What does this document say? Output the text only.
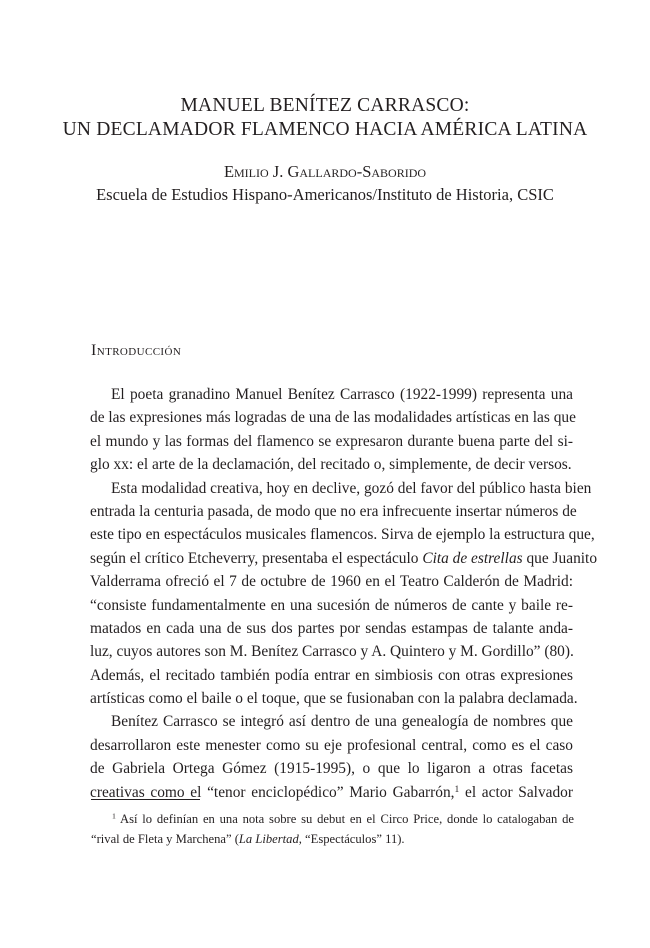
MANUEL BENÍTEZ CARRASCO:
UN DECLAMADOR FLAMENCO HACIA AMÉRICA LATINA
Emilio J. Gallardo-Saborido
Escuela de Estudios Hispano-Americanos/Instituto de Historia, CSIC
Introducción
El poeta granadino Manuel Benítez Carrasco (1922-1999) representa una
de las expresiones más logradas de una de las modalidades artísticas en las que
el mundo y las formas del flamenco se expresaron durante buena parte del si-
glo xx: el arte de la declamación, del recitado o, simplemente, de decir versos.
Esta modalidad creativa, hoy en declive, gozó del favor del público hasta bien
entrada la centuria pasada, de modo que no era infrecuente insertar números de
este tipo en espectáculos musicales flamencos. Sirva de ejemplo la estructura que,
según el crítico Etcheverry, presentaba el espectáculo Cita de estrellas que Juanito
Valderrama ofreció el 7 de octubre de 1960 en el Teatro Calderón de Madrid:
“consiste fundamentalmente en una sucesión de números de cante y baile re-
matados en cada una de sus dos partes por sendas estampas de talante anda-
luz, cuyos autores son M. Benítez Carrasco y A. Quintero y M. Gordillo” (80).
Además, el recitado también podía entrar en simbiosis con otras expresiones
artísticas como el baile o el toque, que se fusionaban con la palabra declamada.
Benítez Carrasco se integró así dentro de una genealogía de nombres que
desarrollaron este menester como su eje profesional central, como es el caso
de Gabriela Ortega Gómez (1915-1995), o que lo ligaron a otras facetas
creativas como el “tenor enciclopédico” Mario Gabarrón,$^1$ el actor Salvador
$^1$ Así lo definían en una nota sobre su debut en el Circo Price, donde lo catalogaban de
“rival de Fleta y Marchena” (La Libertad, “Espectáculos” 11).
